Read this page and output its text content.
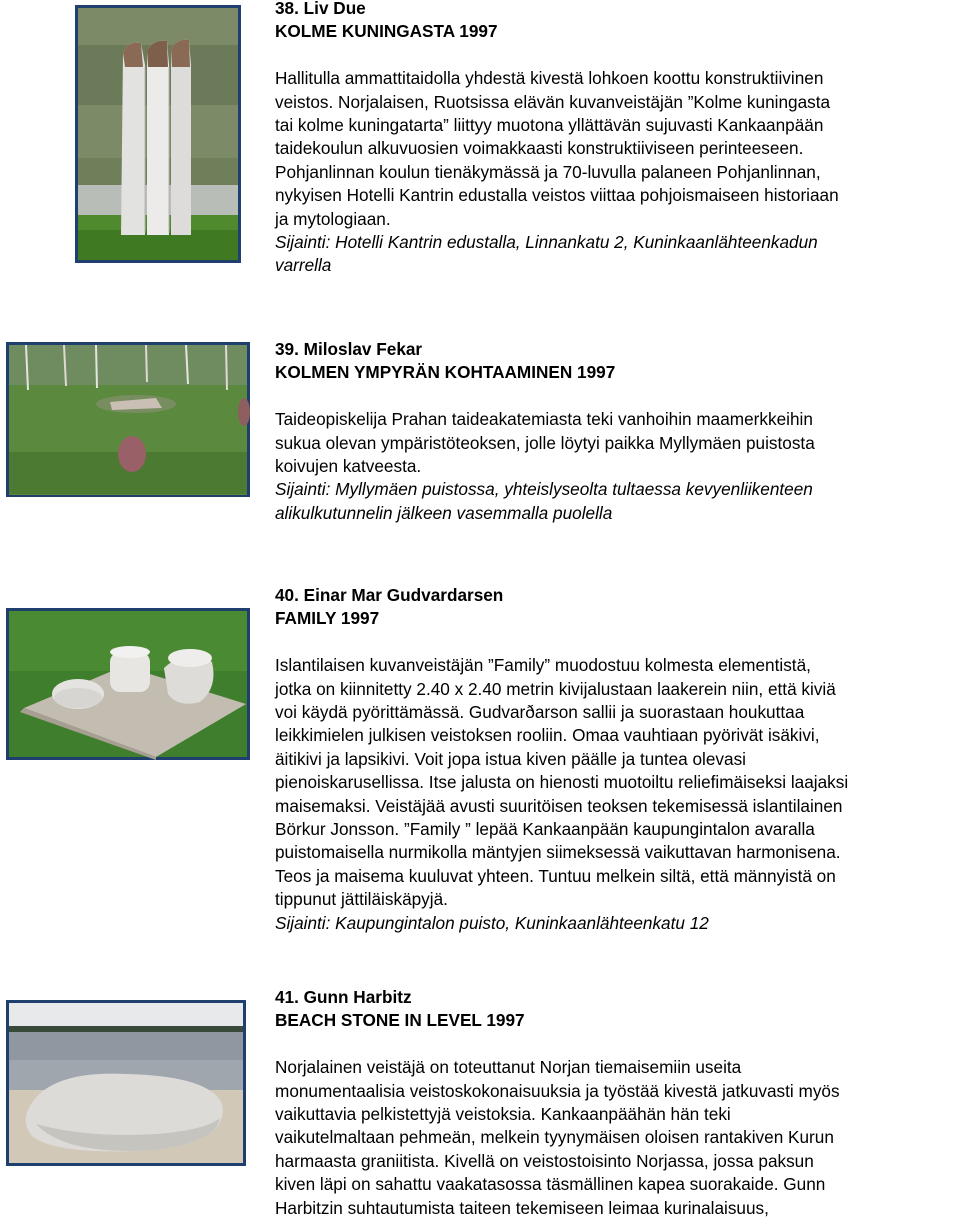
38. Liv Due

KOLME KUNINGASTA 1997

Hallitulla ammattitaidolla yhdestä kivestä lohkoen koottu konstruktiivinen

veistos. Norjalaisen, Ruotsissa elävän kuvanveistäjän ”Kolme kuningasta

tai kolme kuningatarta” liittyy muotona yllättävän sujuvasti Kankaanpään

taidekoulun alkuvuosien voimakkaasti konstruktiiviseen perinteeseen.

Pohjanlinnan koulun tienäkymässä ja 70-luvulla palaneen Pohjanlinnan,

nykyisen Hotelli Kantrin edustalla veistos viittaa pohjoismaiseen historiaan

ja mytologiaan.

Sijainti: Hotelli Kantrin edustalla, Linnankatu 2, Kuninkaanlähteenkadun

varrella

39. Miloslav Fekar

KOLMEN YMPYRÄN KOHTAAMINEN 1997

Taideopiskelija Prahan taideakatemiasta teki vanhoihin maamerkkeihin

sukua olevan ympäristöteoksen, jolle löytyi paikka Myllymäen puistosta

koivujen katveesta.

Sijainti: Myllymäen puistossa, yhteislyseolta tultaessa kevyenliikenteen

alikulkutunnelin jälkeen vasemmalla puolella

40. Einar Mar Gudvardarsen

FAMILY 1997

Islantilaisen kuvanveistäjän ”Family” muodostuu kolmesta elementistä,

jotka on kiinnitetty 2.40 x 2.40 metrin kivijalustaan laakerein niin, että kiviä

voi käydä pyörittämässä. Gudvarðarson sallii ja suorastaan houkuttaa

leikkimielen julkisen veistoksen rooliin. Omaa vauhtiaan pyörivät isäkivi,

äitikivi ja lapsikivi. Voit jopa istua kiven päälle ja tuntea olevasi

pienoiskarusellissa. Itse jalusta on hienosti muotoiltu reliefimäiseksi laajaksi

maisemaksi. Veistäjää avusti suuritöisen teoksen tekemisessä islantilainen

Börkur Jonsson. ”Family ” lepää Kankaanpään kaupungintalon avaralla

puistomaisella nurmikolla mäntyjen siimeksessä vaikuttavan harmonisena.

Teos ja maisema kuuluvat yhteen. Tuntuu melkein siltä, että männyistä on

tippunut jättiläiskäpyjä.

Sijainti: Kaupungintalon puisto, Kuninkaanlähteenkatu 12

41. Gunn Harbitz

BEACH STONE IN LEVEL 1997

Norjalainen veistäjä on toteuttanut Norjan tiemaisemiin useita

monumentaalisia veistoskokonaisuuksia ja työstää kivestä jatkuvasti myös

vaikuttavia pelkistettyjä veistoksia. Kankaanpäähän hän teki

vaikutelmaltaan pehmeän, melkein tyynymäisen oloisen rantakiven Kurun

harmaasta graniitista. Kivellä on veistostoisinto Norjassa, jossa paksun

kiven läpi on sahattu vaakatasossa täsmällinen kapea suorakaide. Gunn

Harbitzin suhtautumista taiteen tekemiseen leimaa kurinalaisuus,
